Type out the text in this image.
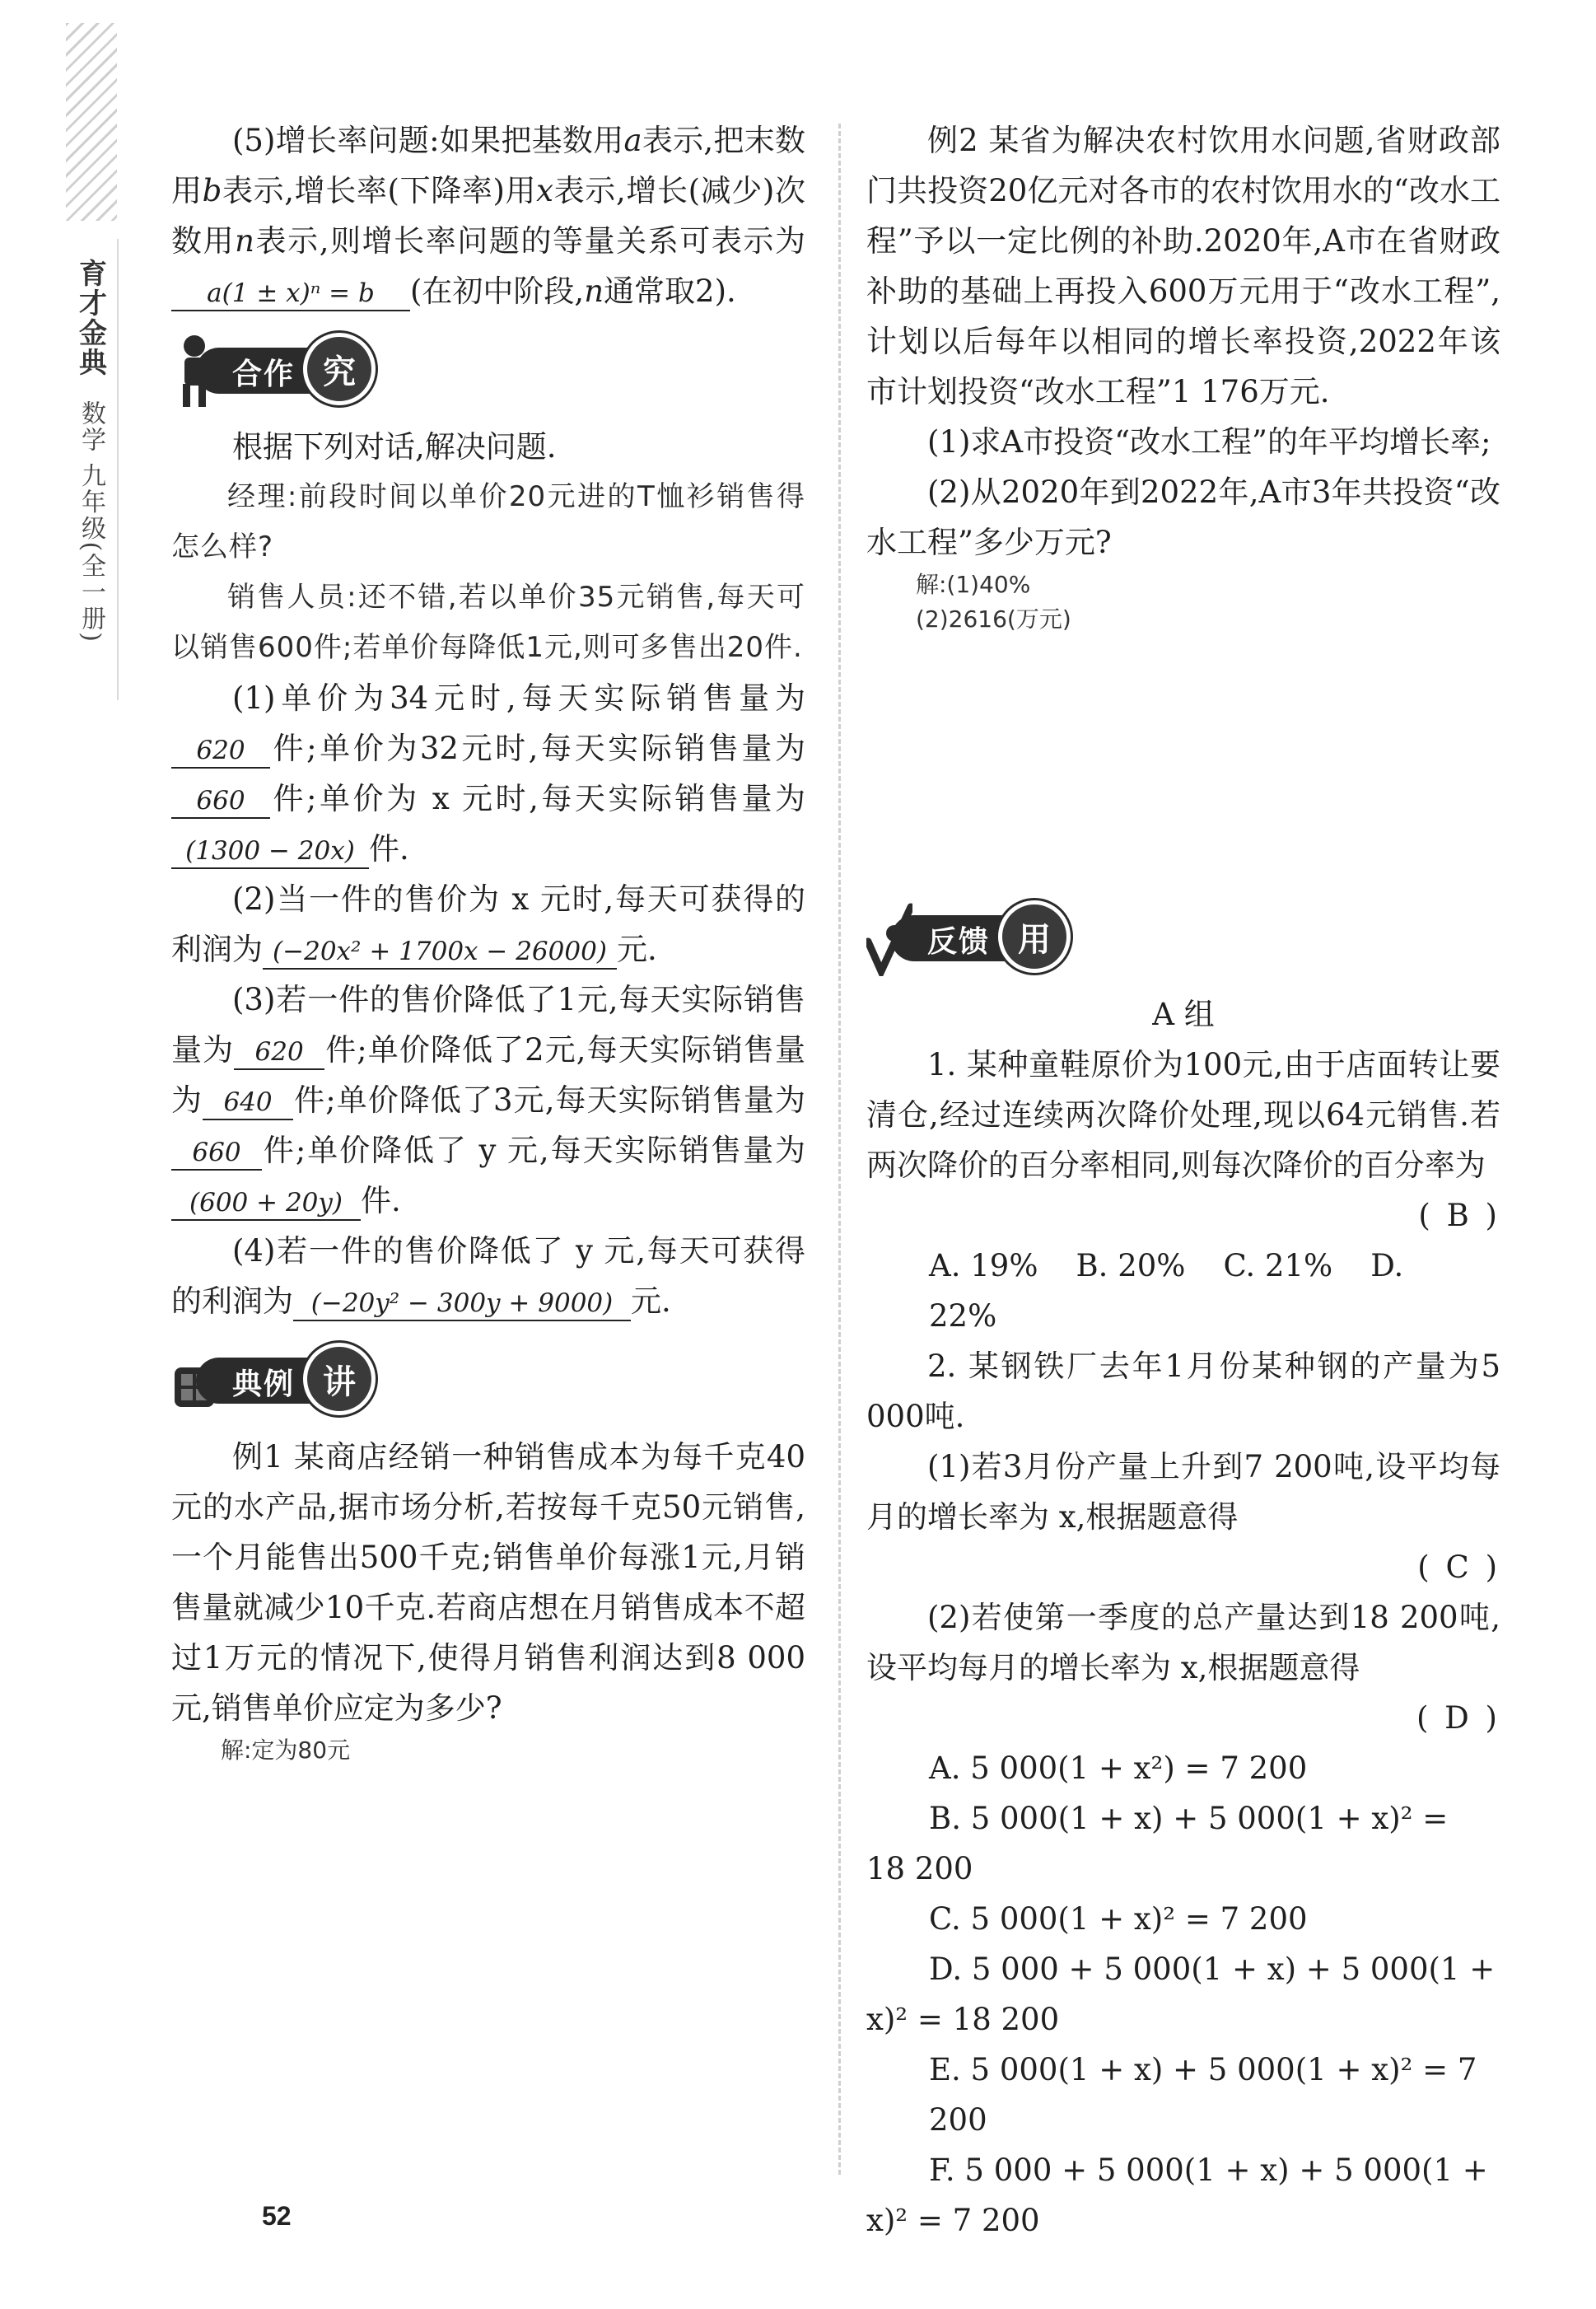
育才金典
数学 九年级(全一册)

(5)增长率问题:如果把基数用a表示,把末数用b表示,增长率(下降率)用x表示,增长(减少)次数用n表示,则增长率问题的等量关系可表示为a(1 ± x)ⁿ = b (在初中阶段,n通常取2).

合作 究

根据下列对话,解决问题.

经理:前段时间以单价20元进的T恤衫销售得怎么样?

销售人员:还不错,若以单价35元销售,每天可以销售600件;若单价每降低1元,则可多售出20件.

(1)单价为34元时,每天实际销售量为620 件;单价为32元时,每天实际销售量为660 件;单价为 x 元时,每天实际销售量为(1300 − 20x) 件.

(2)当一件的售价为 x 元时,每天可获得的利润为 (−20x² + 1700x − 26000) 元.

(3)若一件的售价降低了1元,每天实际销售量为 620 件;单价降低了2元,每天实际销售量为 640 件;单价降低了3元,每天实际销售量为660 件;单价降低了 y 元,每天实际销售量为(600 + 20y) 件.

(4)若一件的售价降低了 y 元,每天可获得的利润为 (−20y² − 300y + 9000) 元.

典例 讲

例1 某商店经销一种销售成本为每千克40元的水产品,据市场分析,若按每千克50元销售,一个月能售出500千克;销售单价每涨1元,月销售量就减少10千克.若商店想在月销售成本不超过1万元的情况下,使得月销售利润达到8 000元,销售单价应定为多少?

解:定为80元

例2 某省为解决农村饮用水问题,省财政部门共投资20亿元对各市的农村饮用水的“改水工程”予以一定比例的补助.2020年,A市在省财政补助的基础上再投入600万元用于“改水工程”,计划以后每年以相同的增长率投资,2022年该市计划投资“改水工程”1 176万元.

(1)求A市投资“改水工程”的年平均增长率;

(2)从2020年到2022年,A市3年共投资“改水工程”多少万元?

解:(1)40%

(2)2616(万元)

反馈 用

A 组

1. 某种童鞋原价为100元,由于店面转让要清仓,经过连续两次降价处理,现以64元销售.若两次降价的百分率相同,则每次降价的百分率为

( B )

A. 19% B. 20% C. 21% D. 22%

2. 某钢铁厂去年1月份某种钢的产量为5 000吨.

(1)若3月份产量上升到7 200吨,设平均每月的增长率为 x,根据题意得

( C )

(2)若使第一季度的总产量达到18 200吨,设平均每月的增长率为 x,根据题意得

( D )

A. 5 000(1 + x²) = 7 200

B. 5 000(1 + x) + 5 000(1 + x)² =

18 200

C. 5 000(1 + x)² = 7 200

D. 5 000 + 5 000(1 + x) + 5 000(1 +

x)² = 18 200

E. 5 000(1 + x) + 5 000(1 + x)² = 7 200

F. 5 000 + 5 000(1 + x) + 5 000(1 +

x)² = 7 200

52
